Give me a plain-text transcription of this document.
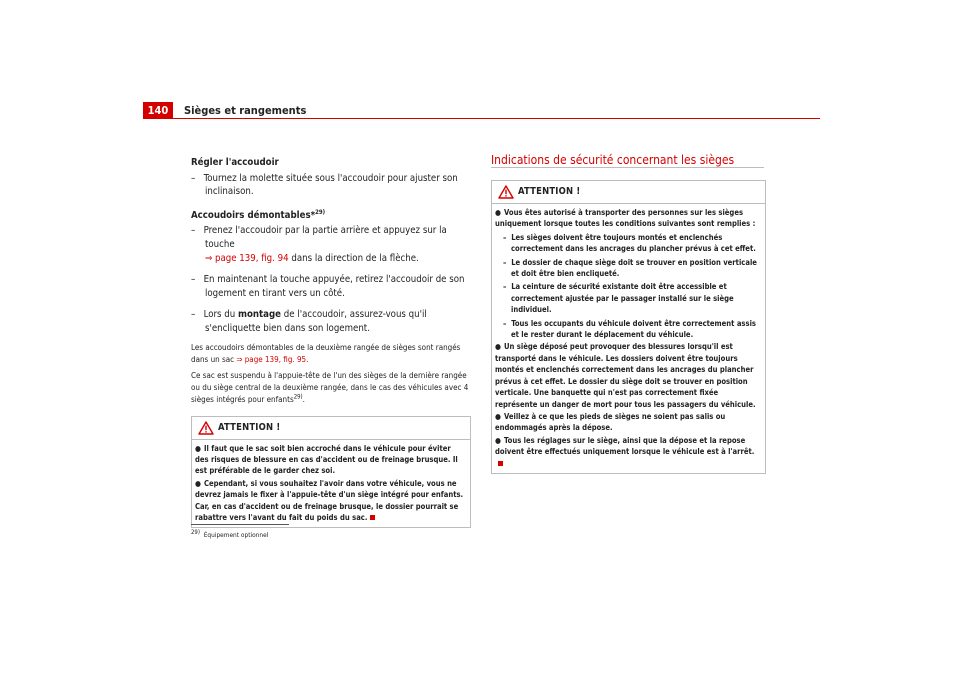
140	Sièges et rangements

Régler l'accoudoir

– Tournez la molette située sous l'accoudoir pour ajuster son inclinaison.

Accoudoirs démontables*$^{29)}$

– Prenez l'accoudoir par la partie arrière et appuyez sur la touche
⇒ page 139, fig. 94 dans la direction de la flèche.

– En maintenant la touche appuyée, retirez l'accoudoir de son logement en tirant vers un côté.

– Lors du montage de l'accoudoir, assurez-vous qu'il s'encliquette bien dans son logement.

Les accoudoirs démontables de la deuxième rangée de sièges sont rangés dans un sac ⇒ page 139, fig. 95.

Ce sac est suspendu à l'appuie-tête de l'un des sièges de la dernière rangée ou du siège central de la deuxième rangée, dans le cas des véhicules avec 4 sièges intégrés pour enfants$^{29)}$.

ATTENTION !

● Il faut que le sac soit bien accroché dans le véhicule pour éviter des risques de blessure en cas d'accident ou de freinage brusque. Il est préférable de le garder chez soi.

● Cependant, si vous souhaitez l'avoir dans votre véhicule, vous ne devrez jamais le fixer à l'appuie-tête d'un siège intégré pour enfants. Car, en cas d'accident ou de freinage brusque, le dossier pourrait se rabattre vers l'avant du fait du poids du sac.

$^{29)}$ Équipement optionnel
Indications de sécurité concernant les sièges
ATTENTION !

● Vous êtes autorisé à transporter des personnes sur les sièges uniquement lorsque toutes les conditions suivantes sont remplies :

– Les sièges doivent être toujours montés et enclenchés correctement dans les ancrages du plancher prévus à cet effet.

– Le dossier de chaque siège doit se trouver en position verticale et doit être bien encliqueté.

– La ceinture de sécurité existante doit être accessible et correctement ajustée par le passager installé sur le siège individuel.

– Tous les occupants du véhicule doivent être correctement assis et le rester durant le déplacement du véhicule.

● Un siège déposé peut provoquer des blessures lorsqu'il est transporté dans le véhicule. Les dossiers doivent être toujours montés et enclenchés correctement dans les ancrages du plancher prévus à cet effet. Le dossier du siège doit se trouver en position verticale. Une banquette qui n'est pas correctement fixée représente un danger de mort pour tous les passagers du véhicule.

● Veillez à ce que les pieds de sièges ne soient pas salis ou endommagés après la dépose.

● Tous les réglages sur le siège, ainsi que la dépose et la repose doivent être effectués uniquement lorsque le véhicule est à l'arrêt.
